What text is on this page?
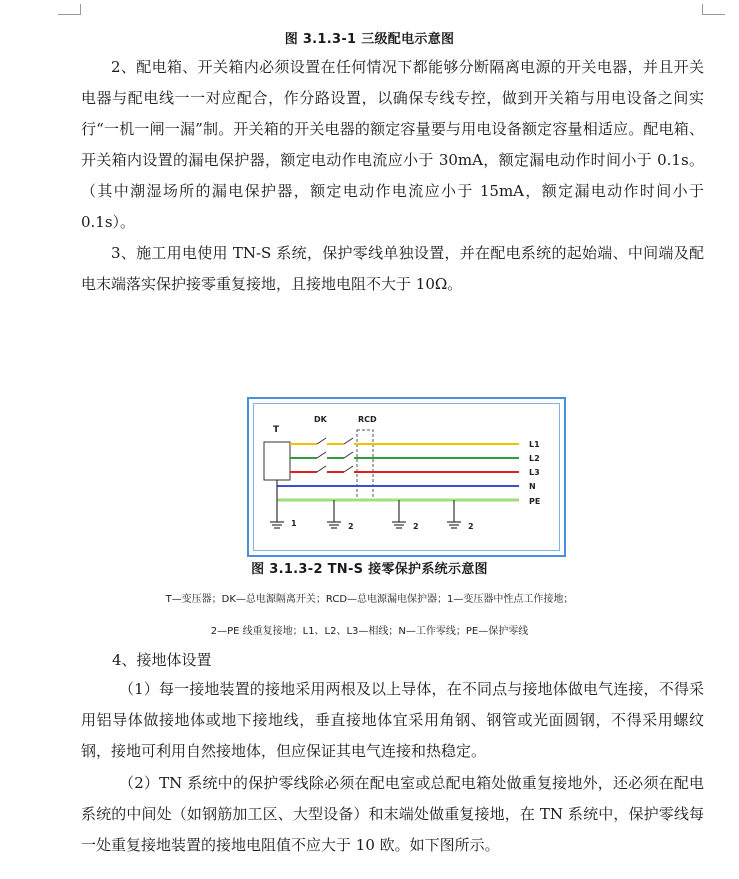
图 3.1.3-1 三级配电示意图

2、配电箱、开关箱内必须设置在任何情况下都能够分断隔离电源的开关电器，并且开关电器与配电线一一对应配合，作分路设置，以确保专线专控，做到开关箱与用电设备之间实行“一机一闸一漏”制。开关箱的开关电器的额定容量要与用电设备额定容量相适应。配电箱、开关箱内设置的漏电保护器，额定电动作电流应小于 30mA，额定漏电动作时间小于 0.1s。（其中潮湿场所的漏电保护器，额定电动作电流应小于 15mA，额定漏电动作时间小于 0.1s）。

3、施工用电使用 TN-S 系统，保护零线单独设置，并在配电系统的起始端、中间端及配电末端落实保护接零重复接地，且接地电阻不大于 10Ω。

T
DK	RCD
L1
L2
L3
N
PE
1	2	2	2
图 3.1.3-2 TN-S 接零保护系统示意图
T—变压器；DK—总电源隔离开关；RCD—总电源漏电保护器；1—变压器中性点工作接地；
2—PE 线重复接地；L1、L2、L3—相线；N—工作零线；PE—保护零线
4、接地体设置

（1）每一接地装置的接地采用两根及以上导体，在不同点与接地体做电气连接，不得采用铝导体做接地体或地下接地线，垂直接地体宜采用角钢、钢管或光面圆钢，不得采用螺纹钢，接地可利用自然接地体，但应保证其电气连接和热稳定。

（2）TN 系统中的保护零线除必须在配电室或总配电箱处做重复接地外，还必须在配电系统的中间处（如钢筋加工区、大型设备）和末端处做重复接地，在 TN 系统中，保护零线每一处重复接地装置的接地电阻值不应大于 10 欧。如下图所示。
